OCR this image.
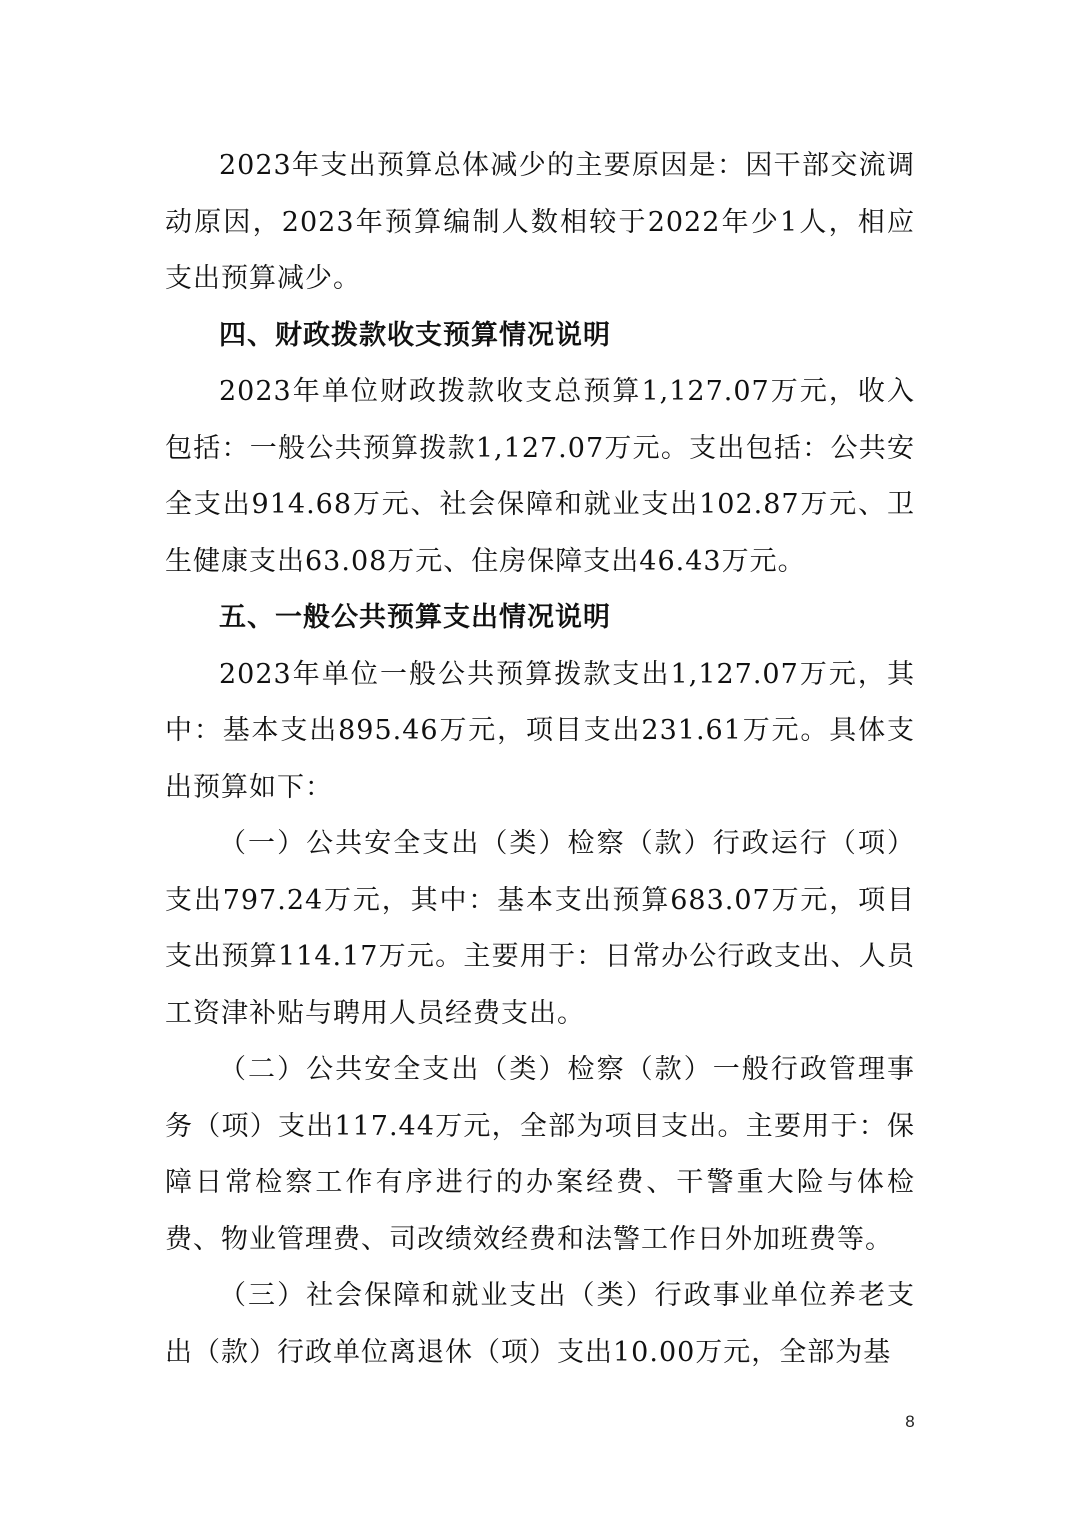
2023年支出预算总体减少的主要原因是：因干部交流调动原因，2023年预算编制人数相较于2022年少1人，相应支出预算减少。

四、财政拨款收支预算情况说明

2023年单位财政拨款收支总预算1,127.07万元，收入包括：一般公共预算拨款1,127.07万元。支出包括：公共安全支出914.68万元、社会保障和就业支出102.87万元、卫生健康支出63.08万元、住房保障支出46.43万元。

五、一般公共预算支出情况说明

2023年单位一般公共预算拨款支出1,127.07万元，其中：基本支出895.46万元，项目支出231.61万元。具体支出预算如下：

（一）公共安全支出（类）检察（款）行政运行（项）支出797.24万元，其中：基本支出预算683.07万元，项目支出预算114.17万元。主要用于：日常办公行政支出、人员工资津补贴与聘用人员经费支出。

（二）公共安全支出（类）检察（款）一般行政管理事务（项）支出117.44万元，全部为项目支出。主要用于：保障日常检察工作有序进行的办案经费、干警重大险与体检费、物业管理费、司改绩效经费和法警工作日外加班费等。

（三）社会保障和就业支出（类）行政事业单位养老支出（款）行政单位离退休（项）支出10.00万元，全部为基

8
